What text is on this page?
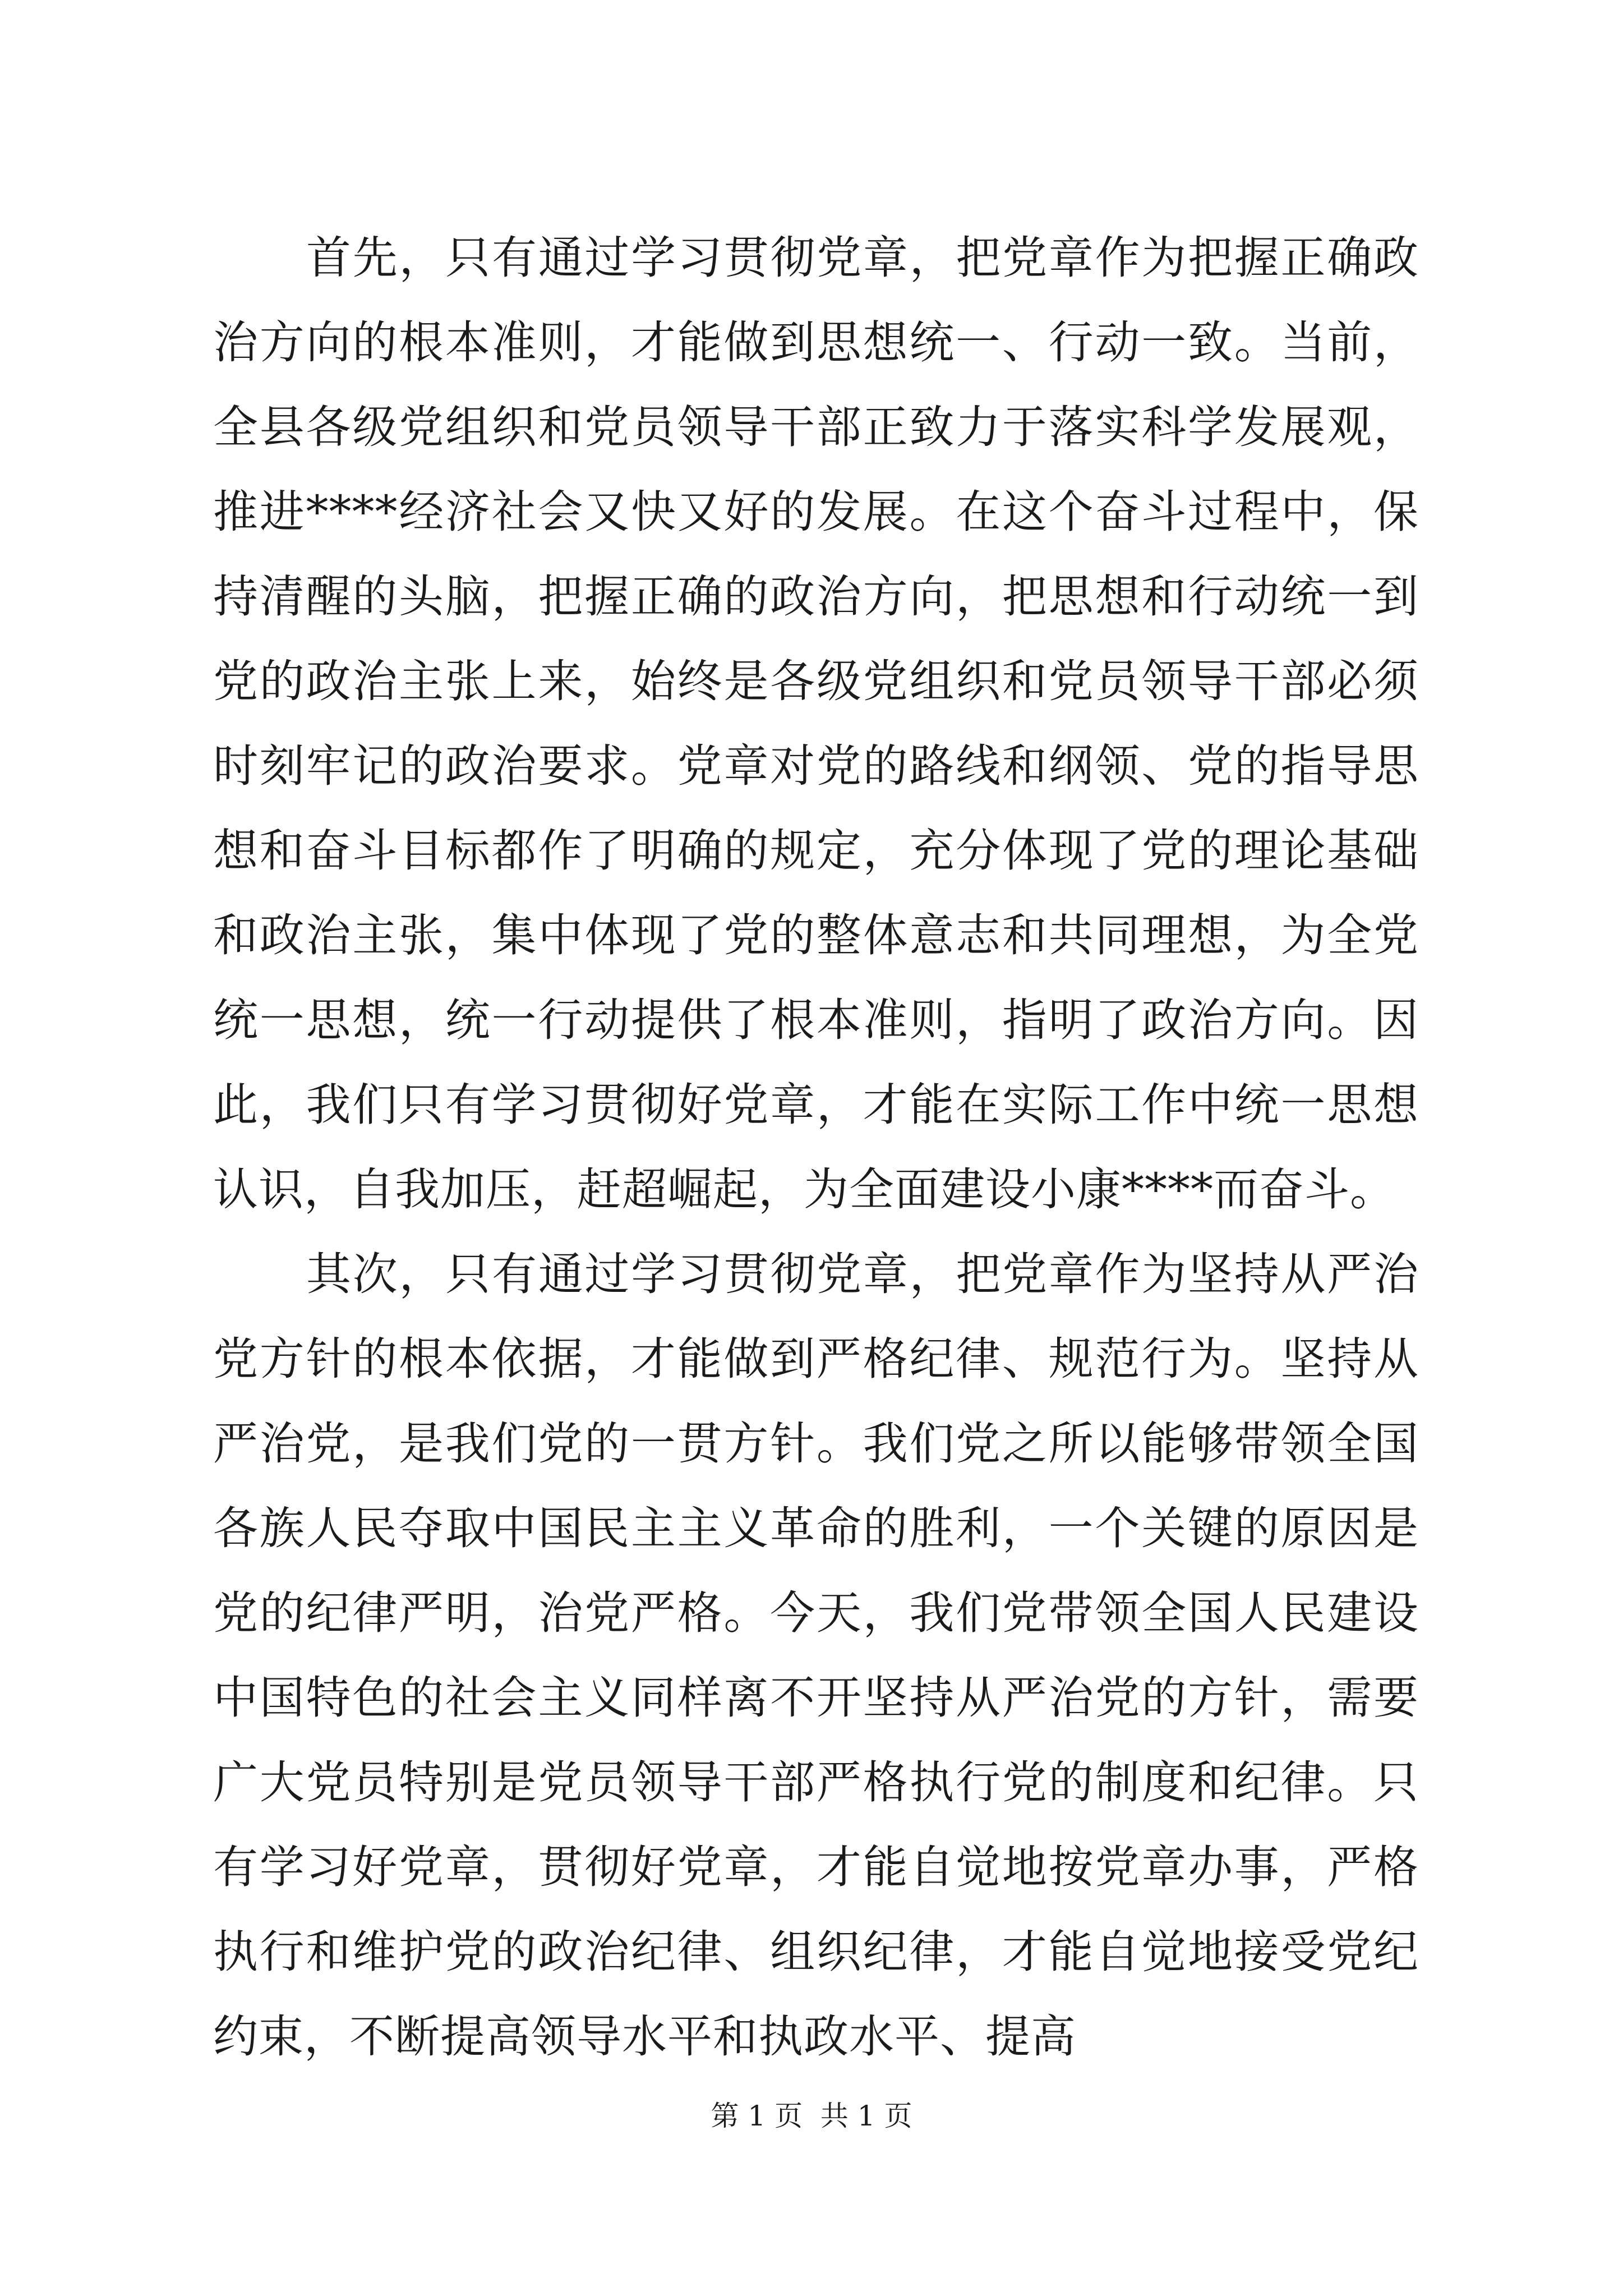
首先，只有通过学习贯彻党章，把党章作为把握正确政治方向的根本准则，才能做到思想统一、行动一致。当前，全县各级党组织和党员领导干部正致力于落实科学发展观，推进****经济社会又快又好的发展。在这个奋斗过程中，保持清醒的头脑，把握正确的政治方向，把思想和行动统一到党的政治主张上来，始终是各级党组织和党员领导干部必须时刻牢记的政治要求。党章对党的路线和纲领、党的指导思想和奋斗目标都作了明确的规定，充分体现了党的理论基础和政治主张，集中体现了党的整体意志和共同理想，为全党统一思想，统一行动提供了根本准则，指明了政治方向。因此，我们只有学习贯彻好党章，才能在实际工作中统一思想认识，自我加压，赶超崛起，为全面建设小康****而奋斗。

其次，只有通过学习贯彻党章，把党章作为坚持从严治党方针的根本依据，才能做到严格纪律、规范行为。坚持从严治党，是我们党的一贯方针。我们党之所以能够带领全国各族人民夺取中国民主主义革命的胜利，一个关键的原因是党的纪律严明，治党严格。今天，我们党带领全国人民建设中国特色的社会主义同样离不开坚持从严治党的方针，需要广大党员特别是党员领导干部严格执行党的制度和纪律。只有学习好党章，贯彻好党章，才能自觉地按党章办事，严格执行和维护党的政治纪律、组织纪律，才能自觉地接受党纪约束，不断提高领导水平和执政水平、提高

第 1 页  共 1 页
